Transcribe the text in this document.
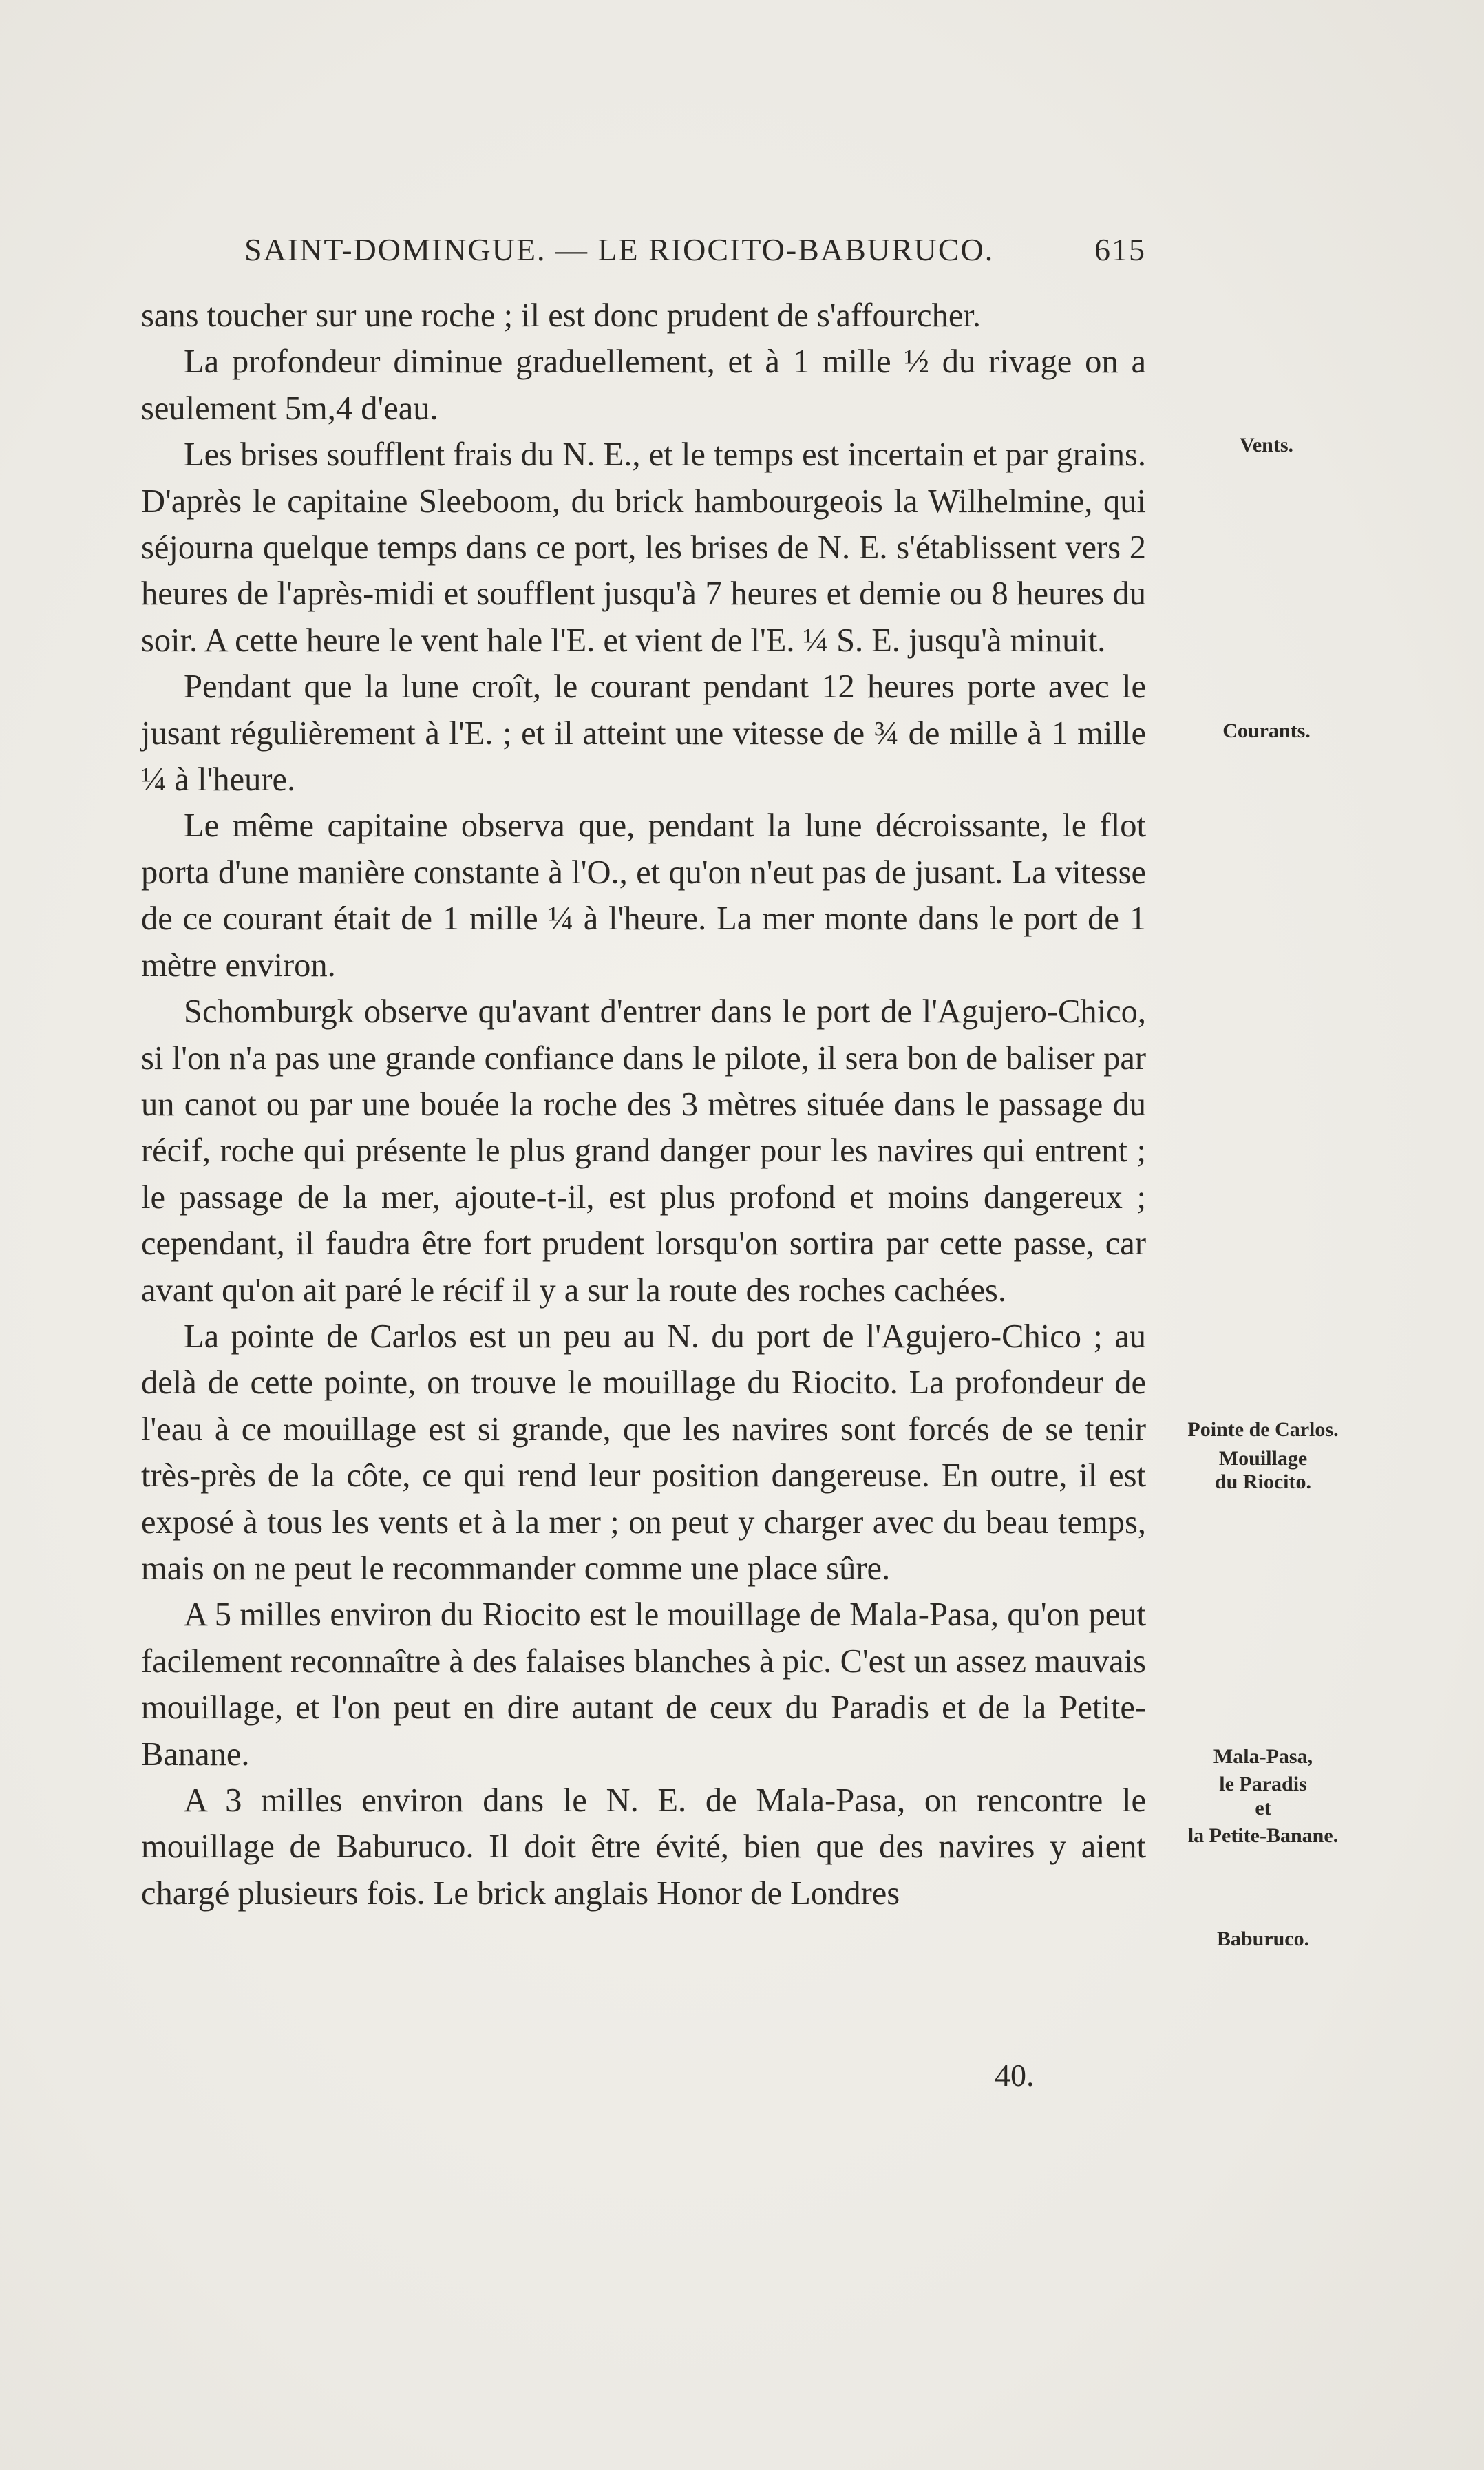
SAINT-DOMINGUE. — LE RIOCITO-BABURUCO.	615

sans toucher sur une roche ; il est donc prudent de s'affourcher.

La profondeur diminue graduellement, et à 1 mille ½ du rivage on a seulement 5m,4 d'eau.

Les brises soufflent frais du N. E., et le temps est incertain et par grains. D'après le capitaine Sleeboom, du brick hambourgeois la Wilhelmine, qui séjourna quelque temps dans ce port, les brises de N. E. s'établissent vers 2 heures de l'après-midi et soufflent jusqu'à 7 heures et demie ou 8 heures du soir. A cette heure le vent hale l'E. et vient de l'E. ¼ S. E. jusqu'à minuit.

Pendant que la lune croît, le courant pendant 12 heures porte avec le jusant régulièrement à l'E. ; et il atteint une vitesse de ¾ de mille à 1 mille ¼ à l'heure.

Le même capitaine observa que, pendant la lune décroissante, le flot porta d'une manière constante à l'O., et qu'on n'eut pas de jusant. La vitesse de ce courant était de 1 mille ¼ à l'heure. La mer monte dans le port de 1 mètre environ.

Schomburgk observe qu'avant d'entrer dans le port de l'Agujero-Chico, si l'on n'a pas une grande confiance dans le pilote, il sera bon de baliser par un canot ou par une bouée la roche des 3 mètres située dans le passage du récif, roche qui présente le plus grand danger pour les navires qui entrent ; le passage de la mer, ajoute-t-il, est plus profond et moins dangereux ; cependant, il faudra être fort prudent lorsqu'on sortira par cette passe, car avant qu'on ait paré le récif il y a sur la route des roches cachées.

La pointe de Carlos est un peu au N. du port de l'Agujero-Chico ; au delà de cette pointe, on trouve le mouillage du Riocito. La profondeur de l'eau à ce mouillage est si grande, que les navires sont forcés de se tenir très-près de la côte, ce qui rend leur position dangereuse. En outre, il est exposé à tous les vents et à la mer ; on peut y charger avec du beau temps, mais on ne peut le recommander comme une place sûre.

A 5 milles environ du Riocito est le mouillage de Mala-Pasa, qu'on peut facilement reconnaître à des falaises blanches à pic. C'est un assez mauvais mouillage, et l'on peut en dire autant de ceux du Paradis et de la Petite-Banane.

A 3 milles environ dans le N. E. de Mala-Pasa, on rencontre le mouillage de Baburuco. Il doit être évité, bien que des navires y aient chargé plusieurs fois. Le brick anglais Honor de Londres

Vents.
Courants.
Pointe de Carlos.
Mouillage
du Riocito.
Mala-Pasa,
le Paradis
et
la Petite-Banane.
Baburuco.
40.
